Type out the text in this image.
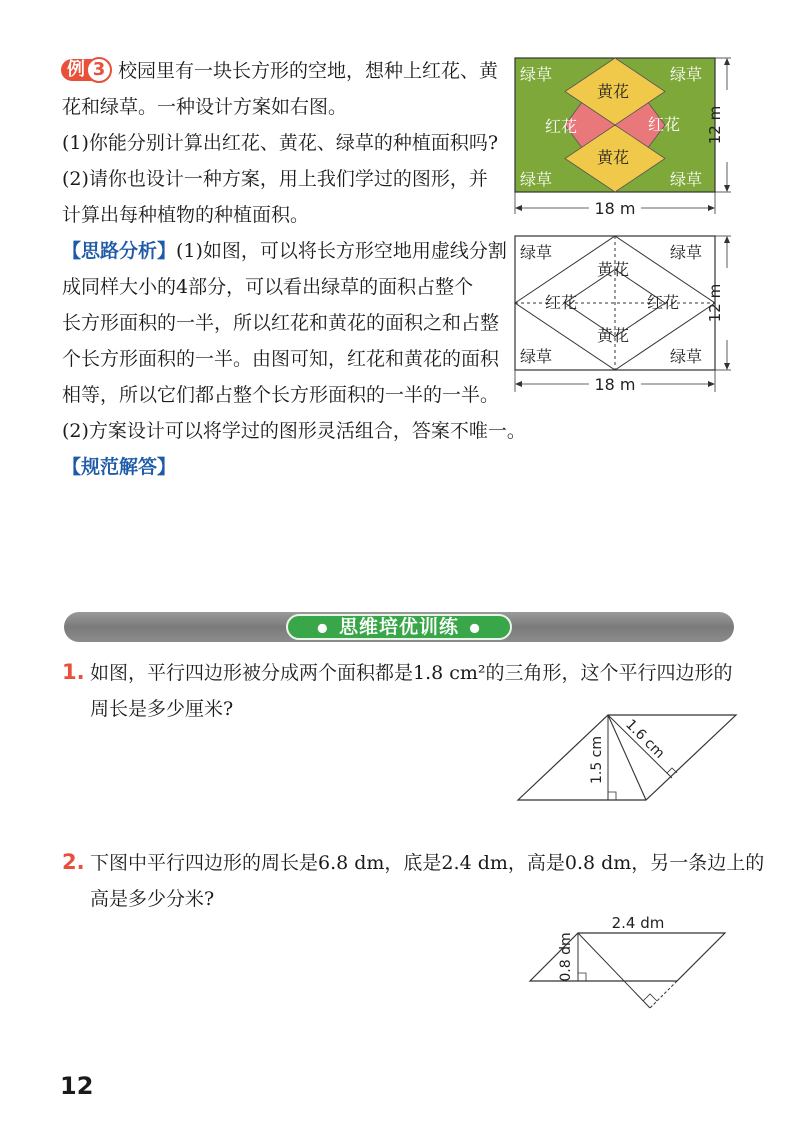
例 3 校园里有一块长方形的空地，想种上红花、黄
花和绿草。一种设计方案如右图。
(1)你能分别计算出红花、黄花、绿草的种植面积吗?
(2)请你也设计一种方案，用上我们学过的图形，并
计算出每种植物的种植面积。
【思路分析】(1)如图，可以将长方形空地用虚线分割
成同样大小的4部分，可以看出绿草的面积占整个
长方形面积的一半，所以红花和黄花的面积之和占整
个长方形面积的一半。由图可知，红花和黄花的面积
相等，所以它们都占整个长方形面积的一半的一半。
(2)方案设计可以将学过的图形灵活组合，答案不唯一。
【规范解答】
绿草	绿草
绿草	绿草
黄花
黄花
红花	红花 12 m
18 m
绿草	绿草
绿草	绿草
黄花
黄花
红花	红花 12 m
18 m
●  思维培优训练  ●
1. 如图，平行四边形被分成两个面积都是1.8 cm²的三角形，这个平行四边形的
周长是多少厘米?
1.5 cm 1.6 cm
2. 下图中平行四边形的周长是6.8 dm，底是2.4 dm，高是0.8 dm，另一条边上的
高是多少分米?
2.4 dm
0.8 dm
12
